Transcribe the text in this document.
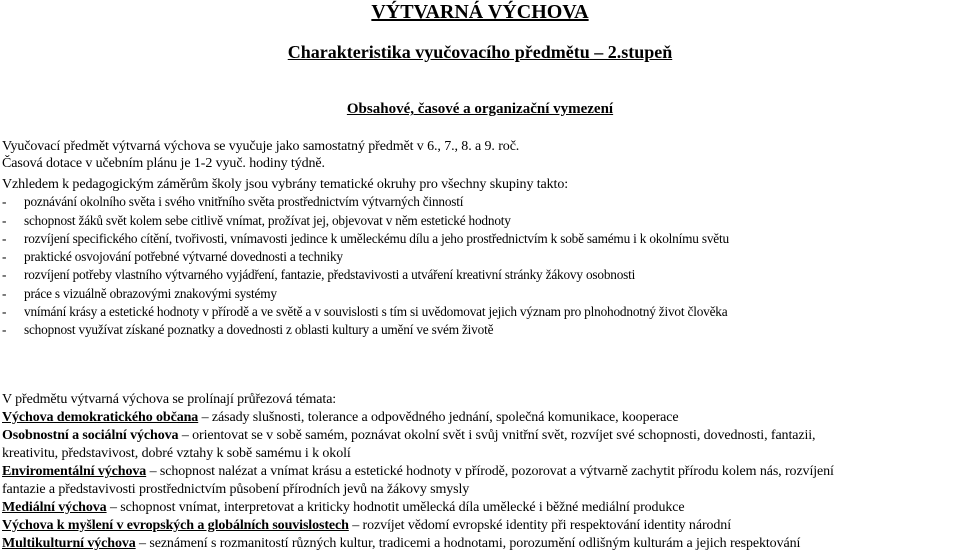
VÝTVARNÁ VÝCHOVA
Charakteristika vyučovacího předmětu – 2.stupeň
Obsahové, časové a organizační vymezení
Vyučovací předmět výtvarná výchova se vyučuje jako samostatný předmět v 6., 7., 8. a 9. roč.
Časová dotace v učebním plánu je 1-2 vyuč. hodiny týdně.
Vzhledem k pedagogickým záměrům školy jsou vybrány tematické okruhy pro všechny skupiny takto:
- poznávání okolního světa i svého vnitřního světa prostřednictvím výtvarných činností
- schopnost žáků svět kolem sebe citlivě vnímat, prožívat jej, objevovat v něm estetické hodnoty
- rozvíjení specifického cítění, tvořivosti, vnímavosti jedince k uměleckému dílu a jeho prostřednictvím k sobě samému i k okolnímu světu
- praktické osvojování potřebné výtvarné dovednosti a techniky
- rozvíjení potřeby vlastního výtvarného vyjádření, fantazie, představivosti a utváření kreativní stránky žákovy osobnosti
- práce s vizuálně obrazovými znakovými systémy
- vnímání krásy a estetické hodnoty v přírodě a ve světě a v souvislosti s tím si uvědomovat jejich význam pro plnohodnotný život člověka
- schopnost využívat získané poznatky a dovednosti z oblasti kultury a umění ve svém životě
V předmětu výtvarná výchova se prolínají průřezová témata:
Výchova demokratického občana – zásady slušnosti, tolerance a odpovědného jednání, společná komunikace, kooperace
Osobnostní a sociální výchova – orientovat se v sobě samém, poznávat okolní svět i svůj vnitřní svět, rozvíjet své schopnosti, dovednosti, fantazii,
kreativitu, představivost, dobré vztahy k sobě samému i k okolí
Enviromentální výchova – schopnost nalézat a vnímat krásu a estetické hodnoty v přírodě, pozorovat a výtvarně zachytit přírodu kolem nás, rozvíjení
fantazie a představivosti prostřednictvím působení přírodních jevů na žákovy smysly
Mediální výchova – schopnost vnímat, interpretovat a kriticky hodnotit umělecká díla umělecké i běžné mediální produkce
Výchova k myšlení v evropských a globálních souvislostech – rozvíjet vědomí evropské identity při respektování identity národní
Multikulturní výchova – seznámení s rozmanitostí různých kultur, tradicemi a hodnotami, porozumění odlišným kulturám a jejich respektování
